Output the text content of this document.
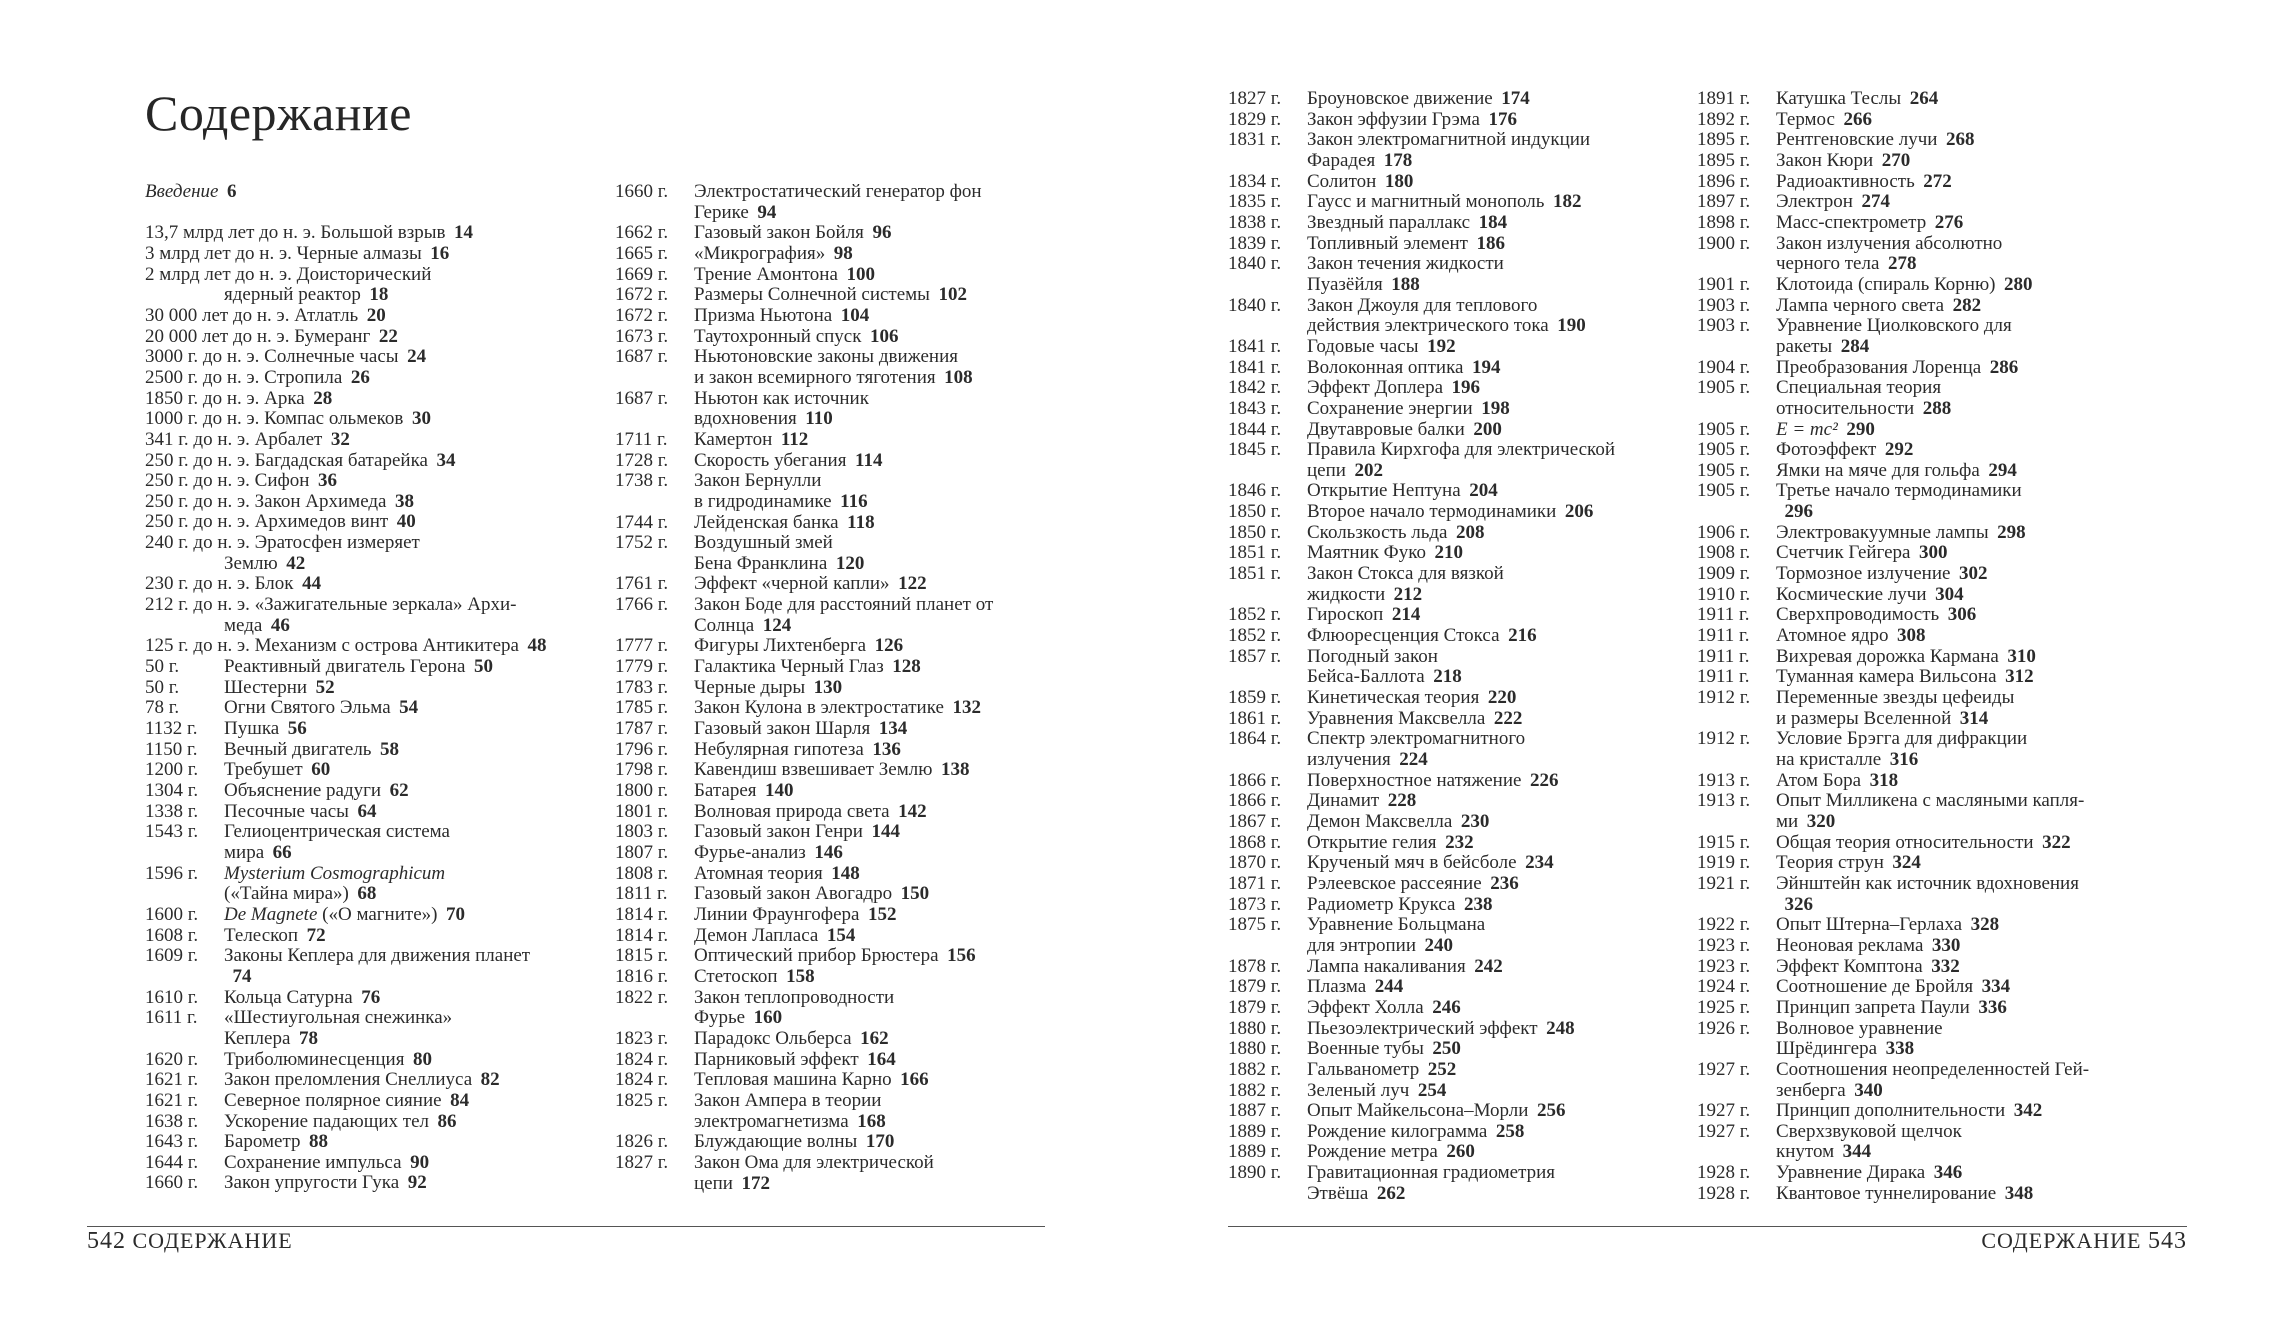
Содержание
Введение 6
13,7 млрд лет до н. э. Большой взрыв 14
3 млрд лет до н. э. Черные алмазы 16
2 млрд лет до н. э. Доисторический
ядерный реактор 18
30 000 лет до н. э. Атлатль 20
20 000 лет до н. э. Бумеранг 22
3000 г. до н. э. Солнечные часы 24
2500 г. до н. э. Стропила 26
1850 г. до н. э. Арка 28
1000 г. до н. э. Компас ольмеков 30
341 г. до н. э. Арбалет 32
250 г. до н. э. Багдадская батарейка 34
250 г. до н. э. Сифон 36
250 г. до н. э. Закон Архимеда 38
250 г. до н. э. Архимедов винт 40
240 г. до н. э. Эратосфен измеряет
Землю 42
230 г. до н. э. Блок 44
212 г. до н. э. «Зажигательные зеркала» Архи-
меда 46
125 г. до н. э. Механизм с острова Антикитера 48
50 г. Реактивный двигатель Герона 50
50 г. Шестерни 52
78 г. Огни Святого Эльма 54
1132 г. Пушка 56
1150 г. Вечный двигатель 58
1200 г. Требушет 60
1304 г. Объяснение радуги 62
1338 г. Песочные часы 64
1543 г. Гелиоцентрическая система
мира 66
1596 г. Mysterium Cosmographicum
(«Тайна мира») 68
1600 г. De Magnete («О магните») 70
1608 г. Телескоп 72
1609 г. Законы Кеплера для движения планет
74
1610 г. Кольца Сатурна 76
1611 г. «Шестиугольная снежинка»
Кеплера 78
1620 г. Триболюминесценция 80
1621 г. Закон преломления Снеллиуса 82
1621 г. Северное полярное сияние 84
1638 г. Ускорение падающих тел 86
1643 г. Барометр 88
1644 г. Сохранение импульса 90
1660 г. Закон упругости Гука 92
1660 г. Электростатический генератор фон
Герике 94
1662 г. Газовый закон Бойля 96
1665 г. «Микрография» 98
1669 г. Трение Амонтона 100
1672 г. Размеры Солнечной системы 102
1672 г. Призма Ньютона 104
1673 г. Таутохронный спуск 106
1687 г. Ньютоновские законы движения
и закон всемирного тяготения 108
1687 г. Ньютон как источник
вдохновения 110
1711 г. Камертон 112
1728 г. Скорость убегания 114
1738 г. Закон Бернулли
в гидродинамике 116
1744 г. Лейденская банка 118
1752 г. Воздушный змей
Бена Франклина 120
1761 г. Эффект «черной капли» 122
1766 г. Закон Боде для расстояний планет от
Солнца 124
1777 г. Фигуры Лихтенберга 126
1779 г. Галактика Черный Глаз 128
1783 г. Черные дыры 130
1785 г. Закон Кулона в электростатике 132
1787 г. Газовый закон Шарля 134
1796 г. Небулярная гипотеза 136
1798 г. Кавендиш взвешивает Землю 138
1800 г. Батарея 140
1801 г. Волновая природа света 142
1803 г. Газовый закон Генри 144
1807 г. Фурье-анализ 146
1808 г. Атомная теория 148
1811 г. Газовый закон Авогадро 150
1814 г. Линии Фраунгофера 152
1814 г. Демон Лапласа 154
1815 г. Оптический прибор Брюстера 156
1816 г. Стетоскоп 158
1822 г. Закон теплопроводности
Фурье 160
1823 г. Парадокс Ольберса 162
1824 г. Парниковый эффект 164
1824 г. Тепловая машина Карно 166
1825 г. Закон Ампера в теории
электромагнетизма 168
1826 г. Блуждающие волны 170
1827 г. Закон Ома для электрической
цепи 172
1827 г. Броуновское движение 174
1829 г. Закон эффузии Грэма 176
1831 г. Закон электромагнитной индукции
Фарадея 178
1834 г. Солитон 180
1835 г. Гаусс и магнитный монополь 182
1838 г. Звездный параллакс 184
1839 г. Топливный элемент 186
1840 г. Закон течения жидкости
Пуазёйля 188
1840 г. Закон Джоуля для теплового
действия электрического тока 190
1841 г. Годовые часы 192
1841 г. Волоконная оптика 194
1842 г. Эффект Доплера 196
1843 г. Сохранение энергии 198
1844 г. Двутавровые балки 200
1845 г. Правила Кирхгофа для электрической
цепи 202
1846 г. Открытие Нептуна 204
1850 г. Второе начало термодинамики 206
1850 г. Скользкость льда 208
1851 г. Маятник Фуко 210
1851 г. Закон Стокса для вязкой
жидкости 212
1852 г. Гироскоп 214
1852 г. Флюоресценция Стокса 216
1857 г. Погодный закон
Бейса-Баллота 218
1859 г. Кинетическая теория 220
1861 г. Уравнения Максвелла 222
1864 г. Спектр электромагнитного
излучения 224
1866 г. Поверхностное натяжение 226
1866 г. Динамит 228
1867 г. Демон Максвелла 230
1868 г. Открытие гелия 232
1870 г. Крученый мяч в бейсболе 234
1871 г. Рэлеевское рассеяние 236
1873 г. Радиометр Крукса 238
1875 г. Уравнение Больцмана
для энтропии 240
1878 г. Лампа накаливания 242
1879 г. Плазма 244
1879 г. Эффект Холла 246
1880 г. Пьезоэлектрический эффект 248
1880 г. Военные тубы 250
1882 г. Гальванометр 252
1882 г. Зеленый луч 254
1887 г. Опыт Майкельсона–Морли 256
1889 г. Рождение килограмма 258
1889 г. Рождение метра 260
1890 г. Гравитационная градиометрия
Этвёша 262
1891 г. Катушка Теслы 264
1892 г. Термос 266
1895 г. Рентгеновские лучи 268
1895 г. Закон Кюри 270
1896 г. Радиоактивность 272
1897 г. Электрон 274
1898 г. Масс-спектрометр 276
1900 г. Закон излучения абсолютно
черного тела 278
1901 г. Клотоида (спираль Корню) 280
1903 г. Лампа черного света 282
1903 г. Уравнение Циолковского для
ракеты 284
1904 г. Преобразования Лоренца 286
1905 г. Специальная теория
относительности 288
1905 г. E = mc² 290
1905 г. Фотоэффект 292
1905 г. Ямки на мяче для гольфа 294
1905 г. Третье начало термодинамики
296
1906 г. Электровакуумные лампы 298
1908 г. Счетчик Гейгера 300
1909 г. Тормозное излучение 302
1910 г. Космические лучи 304
1911 г. Сверхпроводимость 306
1911 г. Атомное ядро 308
1911 г. Вихревая дорожка Кармана 310
1911 г. Туманная камера Вильсона 312
1912 г. Переменные звезды цефеиды
и размеры Вселенной 314
1912 г. Условие Брэгга для дифракции
на кристалле 316
1913 г. Атом Бора 318
1913 г. Опыт Милликена с масляными капля-
ми 320
1915 г. Общая теория относительности 322
1919 г. Теория струн 324
1921 г. Эйнштейн как источник вдохновения
326
1922 г. Опыт Штерна–Герлаха 328
1923 г. Неоновая реклама 330
1923 г. Эффект Комптона 332
1924 г. Соотношение де Бройля 334
1925 г. Принцип запрета Паули 336
1926 г. Волновое уравнение
Шрёдингера 338
1927 г. Соотношения неопределенностей Гей-
зенберга 340
1927 г. Принцип дополнительности 342
1927 г. Сверхзвуковой щелчок
кнутом 344
1928 г. Уравнение Дирака 346
1928 г. Квантовое туннелирование 348
542 СОДЕРЖАНИЕ	СОДЕРЖАНИЕ 543
